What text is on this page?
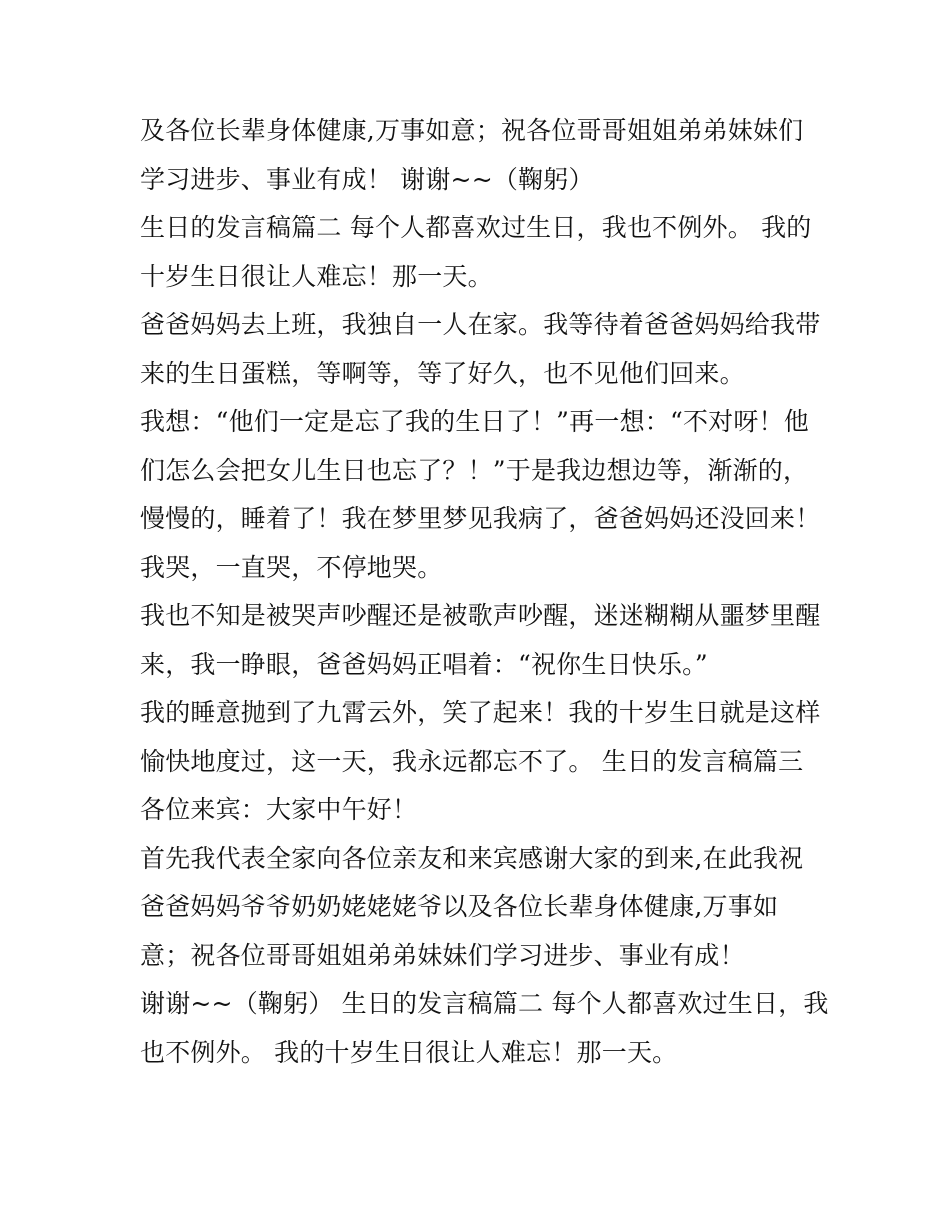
及各位长辈身体健康,万事如意；祝各位哥哥姐姐弟弟妹妹们
学习进步、事业有成！ 谢谢~~（鞠躬）
生日的发言稿篇二 每个人都喜欢过生日，我也不例外。 我的
十岁生日很让人难忘！那一天。
爸爸妈妈去上班，我独自一人在家。我等待着爸爸妈妈给我带
来的生日蛋糕，等啊等，等了好久，也不见他们回来。
我想：“他们一定是忘了我的生日了！”再一想：“不对呀！他
们怎么会把女儿生日也忘了？！”于是我边想边等，渐渐的，
慢慢的，睡着了！我在梦里梦见我病了，爸爸妈妈还没回来！
我哭，一直哭，不停地哭。
我也不知是被哭声吵醒还是被歌声吵醒，迷迷糊糊从噩梦里醒
来，我一睁眼，爸爸妈妈正唱着：“祝你生日快乐。”
我的睡意抛到了九霄云外，笑了起来！我的十岁生日就是这样
愉快地度过，这一天，我永远都忘不了。 生日的发言稿篇三
各位来宾：大家中午好！
首先我代表全家向各位亲友和来宾感谢大家的到来,在此我祝
爸爸妈妈爷爷奶奶姥姥姥爷以及各位长辈身体健康,万事如
意；祝各位哥哥姐姐弟弟妹妹们学习进步、事业有成！
谢谢~~（鞠躬） 生日的发言稿篇二 每个人都喜欢过生日，我
也不例外。 我的十岁生日很让人难忘！那一天。
